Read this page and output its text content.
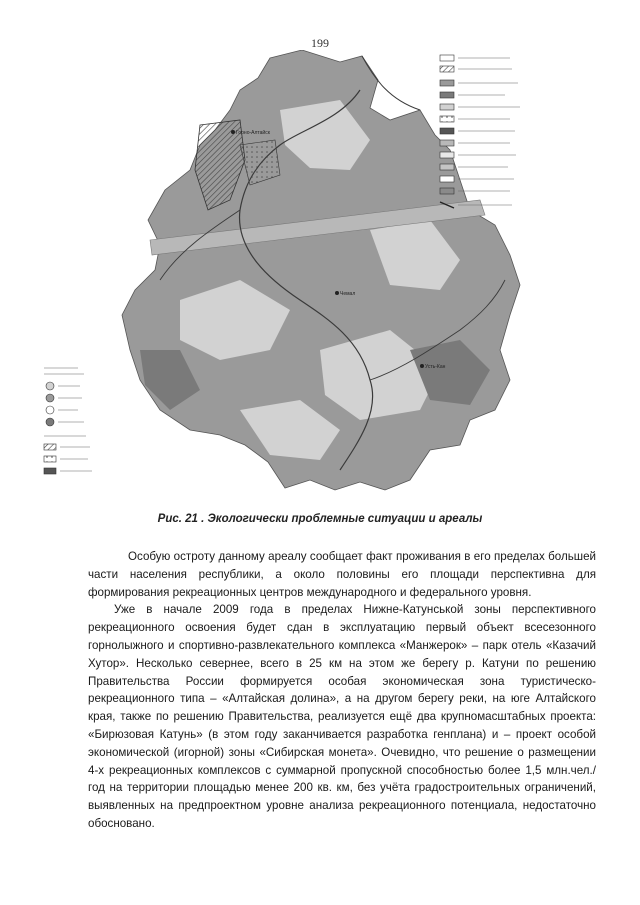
199
Горно-Алтайск
Чемал
Усть-Кан
Рис. 21 . Экологически проблемные ситуации и ареалы

Особую остроту данному ареалу сообщает факт проживания в его пределах большей части населения республики, а около половины его площади перспективна для формирования рекреационных центров международного и федерального уровня.

Уже в начале 2009 года в пределах Нижне-Катунськой зоны перспективного рекреационного освоения будет сдан в эксплуатацию первый объект всесезонного горнолыжного и спортивно-развлекательного комплекса «Манжерок» – парк отель «Казачий Хутор». Несколько севернее, всего в 25 км на этом же берегу р. Катуни по решению Правительства России формируется особая экономическая зона туристическо-рекреационного типа – «Алтайская долина», а на другом берегу реки, на юге Алтайского края, также по решению Правительства, реализуется ещё два крупномасштабных проекта: «Бирюзовая Катунь» (в этом году заканчивается разработка генплана) и – проект особой экономической (игорной) зоны «Сибирская монета». Очевидно, что решение о размещении 4-х рекреационных комплексов с суммарной пропускной способностью более 1,5 млн.чел./год на территории площадью менее 200 кв. км, без учёта градостроительных ограничений, выявленных на предпроектном уровне анализа рекреационного потенциала, недостаточно обосновано.
